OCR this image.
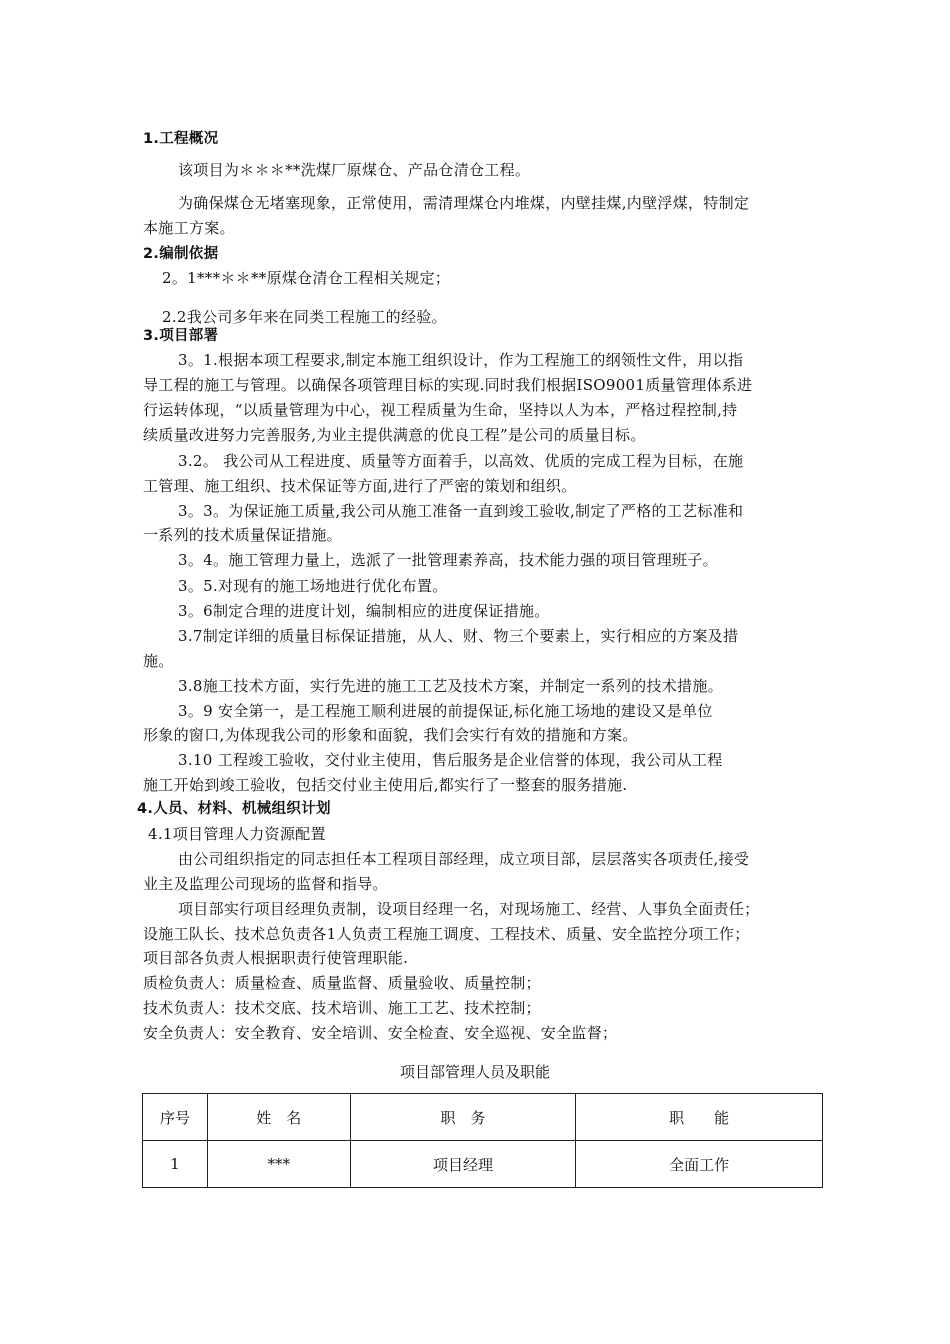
1.工程概况
该项目为＊＊＊**洗煤厂原煤仓、产品仓清仓工程。
为确保煤仓无堵塞现象，正常使用，需清理煤仓内堆煤，内壁挂煤,内壁浮煤，特制定
本施工方案。
2.编制依据
2。1***＊＊**原煤仓清仓工程相关规定；
2.2我公司多年来在同类工程施工的经验。
3.项目部署
3。1.根据本项工程要求,制定本施工组织设计，作为工程施工的纲领性文件，用以指
导工程的施工与管理。以确保各项管理目标的实现.同时我们根据ISO9001质量管理体系进
行运转体现，“以质量管理为中心，视工程质量为生命，坚持以人为本，严格过程控制,持
续质量改进努力完善服务,为业主提供满意的优良工程”是公司的质量目标。
3.2。 我公司从工程进度、质量等方面着手，以高效、优质的完成工程为目标，在施
工管理、施工组织、技术保证等方面,进行了严密的策划和组织。
3。3。为保证施工质量,我公司从施工准备一直到竣工验收,制定了严格的工艺标准和
一系列的技术质量保证措施。
3。4。施工管理力量上，选派了一批管理素养高，技术能力强的项目管理班子。
3。5.对现有的施工场地进行优化布置。
3。6制定合理的进度计划，编制相应的进度保证措施。
3.7制定详细的质量目标保证措施，从人、财、物三个要素上，实行相应的方案及措
施。
3.8施工技术方面，实行先进的施工工艺及技术方案，并制定一系列的技术措施。
3。9 安全第一，是工程施工顺利进展的前提保证,标化施工场地的建设又是单位
形象的窗口,为体现我公司的形象和面貌，我们会实行有效的措施和方案。
3.10 工程竣工验收，交付业主使用，售后服务是企业信誉的体现，我公司从工程
施工开始到竣工验收，包括交付业主使用后,都实行了一整套的服务措施.
4.人员、材料、机械组织计划
4.1项目管理人力资源配置
由公司组织指定的同志担任本工程项目部经理，成立项目部，层层落实各项责任,接受
业主及监理公司现场的监督和指导。
项目部实行项目经理负责制，设项目经理一名，对现场施工、经营、人事负全面责任；
设施工队长、技术总负责各1人负责工程施工调度、工程技术、质量、安全监控分项工作；
项目部各负责人根据职责行使管理职能.
质检负责人：质量检查、质量监督、质量验收、质量控制；
技术负责人：技术交底、技术培训、施工工艺、技术控制；
安全负责人：安全教育、安全培训、安全检查、安全巡视、安全监督；
项目部管理人员及职能
序号	姓　名	职　务	职　　能
1	***	项目经理	全面工作
